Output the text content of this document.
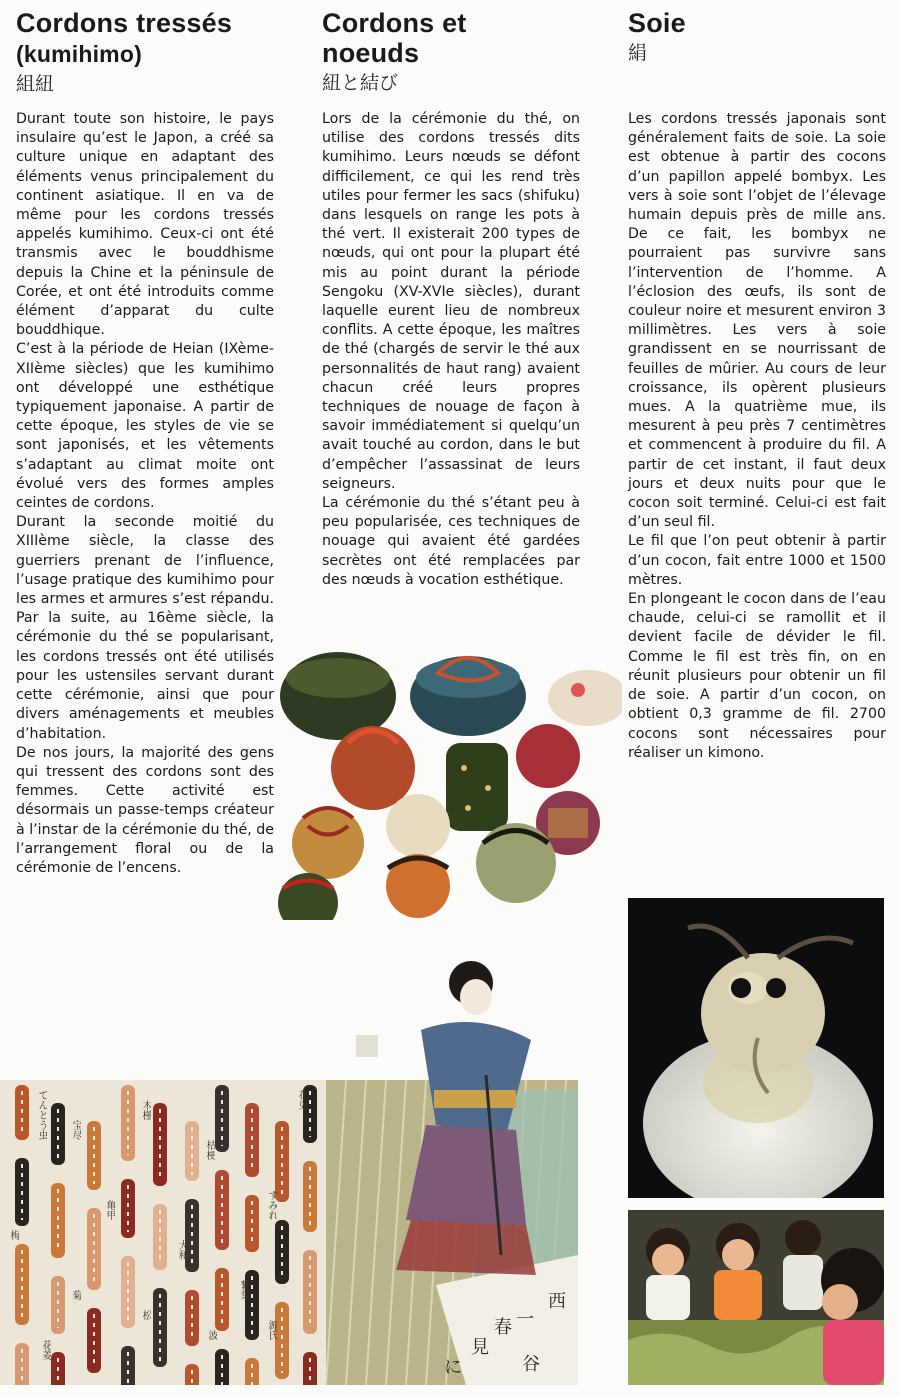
Cordons tressés
(kumihimo)
組紐
Cordons et noeuds
紐と結び
Soie
絹

Durant toute son histoire, le pays insulaire qu’est le Japon, a créé sa culture unique en adaptant des éléments venus principalement du continent asiatique. Il en va de même pour les cordons tressés appelés kumihimo. Ceux-ci ont été transmis avec le bouddhisme depuis la Chine et la péninsule de Corée, et ont été introduits comme élément d’apparat du culte bouddhique.

C’est à la période de Heian (IXème-XIIème siècles) que les kumihimo ont développé une esthétique typiquement japonaise. A partir de cette époque, les styles de vie se sont japonisés, et les vêtements s’adaptant au climat moite ont évolué vers des formes amples ceintes de cordons.

Durant la seconde moitié du XIIIème siècle, la classe des guerriers prenant de l’influence, l’usage pratique des kumihimo pour les armes et armures s’est répandu. Par la suite, au 16ème siècle, la cérémonie du thé se popularisant, les cordons tressés ont été utilisés pour les ustensiles servant durant cette cérémonie, ainsi que pour divers aménagements et meubles d’habitation.

De nos jours, la majorité des gens qui tressent des cordons sont des femmes. Cette activité est désormais un passe-temps créateur à l’instar de la cérémonie du thé, de l’arrangement floral ou de la cérémonie de l’encens.

Lors de la cérémonie du thé, on utilise des cordons tressés dits kumihimo. Leurs nœuds se défont difficilement, ce qui les rend très utiles pour fermer les sacs (shifuku) dans lesquels on range les pots à thé vert. Il existerait 200 types de nœuds, qui ont pour la plupart été mis au point durant la période Sengoku (XV-XVIe siècles), durant laquelle eurent lieu de nombreux conflits. A cette époque, les maîtres de thé (chargés de servir le thé aux personnalités de haut rang) avaient chacun créé leurs propres techniques de nouage de façon à savoir immédiatement si quelqu’un avait touché au cordon, dans le but d’empêcher l’assassinat de leurs seigneurs.

La cérémonie du thé s’étant peu à peu popularisée, ces techniques de nouage qui avaient été gardées secrètes ont été remplacées par des nœuds à vocation esthétique.

Les cordons tressés japonais sont généralement faits de soie. La soie est obtenue à partir des cocons d’un papillon appelé bombyx. Les vers à soie sont l’objet de l’élevage humain depuis près de mille ans. De ce fait, les bombyx ne pourraient pas survivre sans l’intervention de l’homme. A l’éclosion des œufs, ils sont de couleur noire et mesurent environ 3 millimètres. Les vers à soie grandissent en se nourrissant de feuilles de mûrier. Au cours de leur croissance, ils opèrent plusieurs mues. A la quatrième mue, ils mesurent à peu près 7 centimètres et commencent à produire du fil. A partir de cet instant, il faut deux jours et deux nuits pour que le cocon soit terminé. Celui-ci est fait d’un seul fil.

Le fil que l’on peut obtenir à partir d’un cocon, fait entre 1000 et 1500 mètres.

En plongeant le cocon dans de l’eau chaude, celui-ci se ramollit et il devient facile de dévider le fil. Comme le fil est très fin, on en réunit plusieurs pour obtenir un fil de soie. A partir d’un cocon, on obtient 0,3 gramme de fil. 2700 cocons sont nécessaires pour réaliser un kimono.

西
一
春
見
に	谷
てんとう虫 宝尽
亀甲
木槿
大和
桔梗
繋葉
すみれ
花兎
梅
菊
松
波	源氏
花菱
